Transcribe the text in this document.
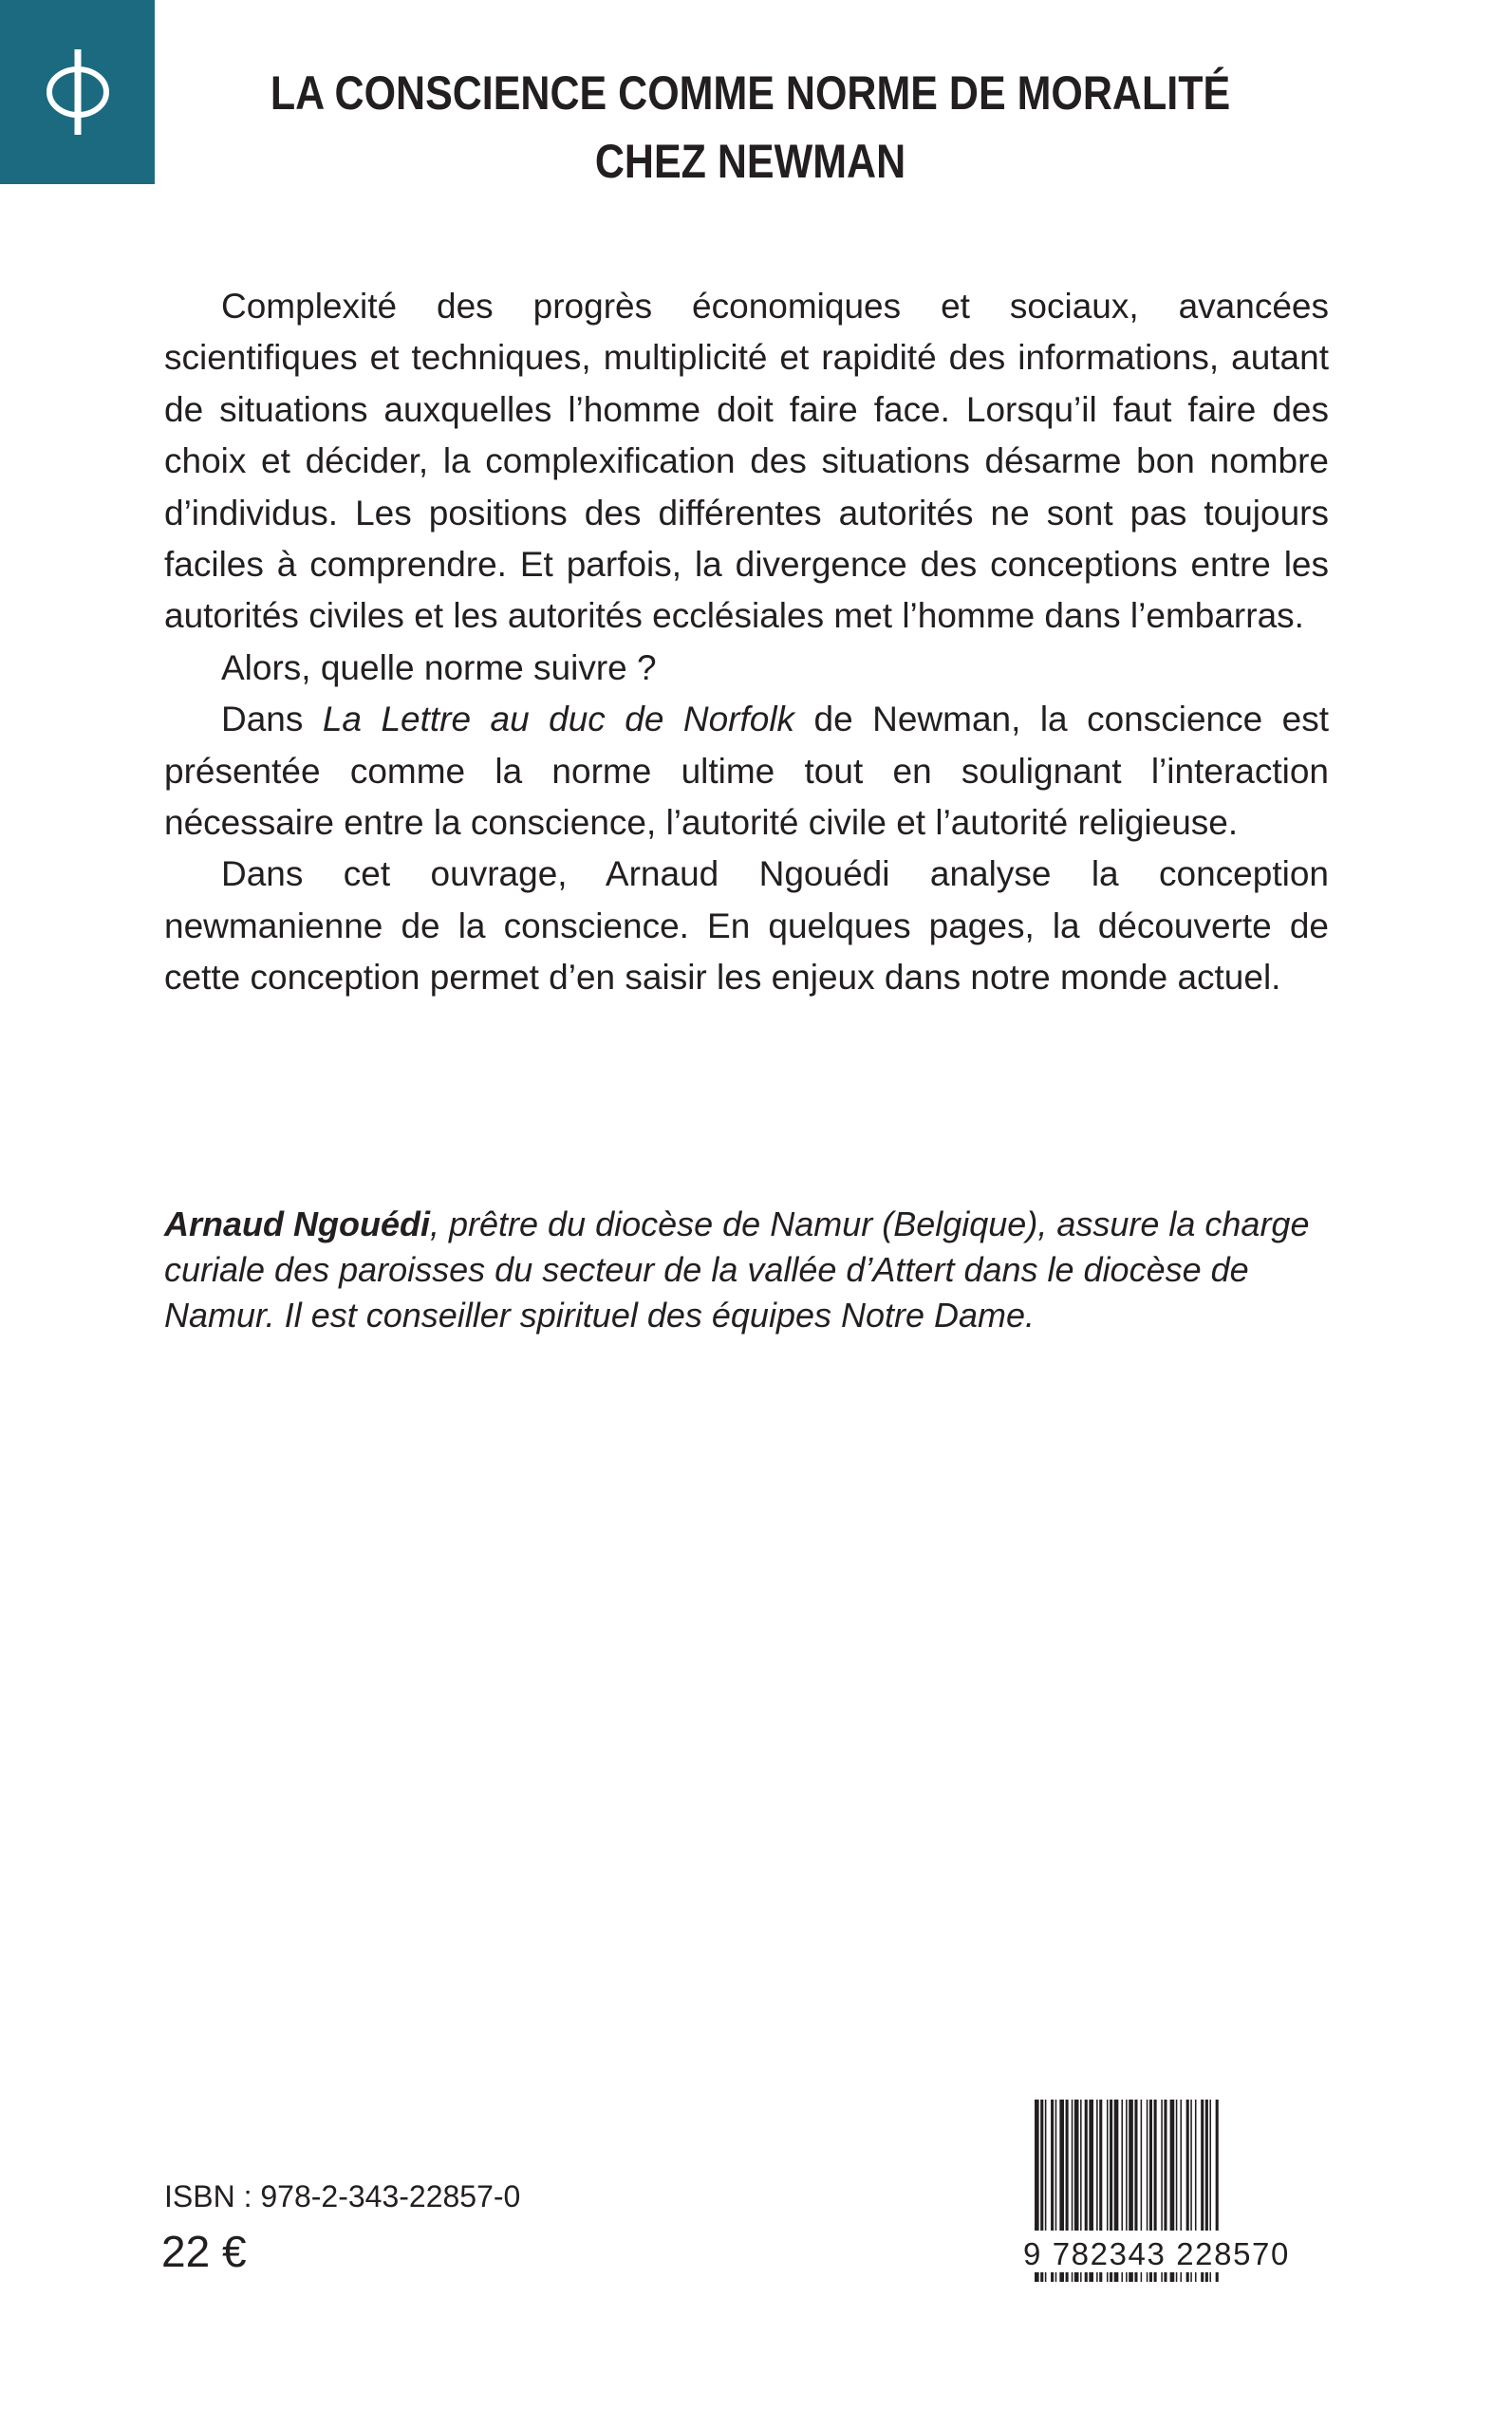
LA CONSCIENCE COMME NORME DE MORALITÉ
CHEZ NEWMAN

Complexité des progrès économiques et sociaux, avancées scientifiques et techniques, multiplicité et rapidité des informations, autant de situations auxquelles l’homme doit faire face. Lorsqu’il faut faire des choix et décider, la complexification des situations désarme bon nombre d’individus. Les positions des différentes autorités ne sont pas toujours faciles à comprendre. Et parfois, la divergence des conceptions entre les autorités civiles et les autorités ecclésiales met l’homme dans l’embarras.

Alors, quelle norme suivre ?

Dans La Lettre au duc de Norfolk de Newman, la conscience est présentée comme la norme ultime tout en soulignant l’interaction nécessaire entre la conscience, l’autorité civile et l’autorité religieuse.

Dans cet ouvrage, Arnaud Ngouédi analyse la conception newmanienne de la conscience. En quelques pages, la découverte de cette conception permet d’en saisir les enjeux dans notre monde actuel.

Arnaud Ngouédi, prêtre du diocèse de Namur (Belgique), assure la charge curiale des paroisses du secteur de la vallée d’Attert dans le diocèse de Namur. Il est conseiller spirituel des équipes Notre Dame.

ISBN : 978-2-343-22857-0
22 €	9 782343 228570
